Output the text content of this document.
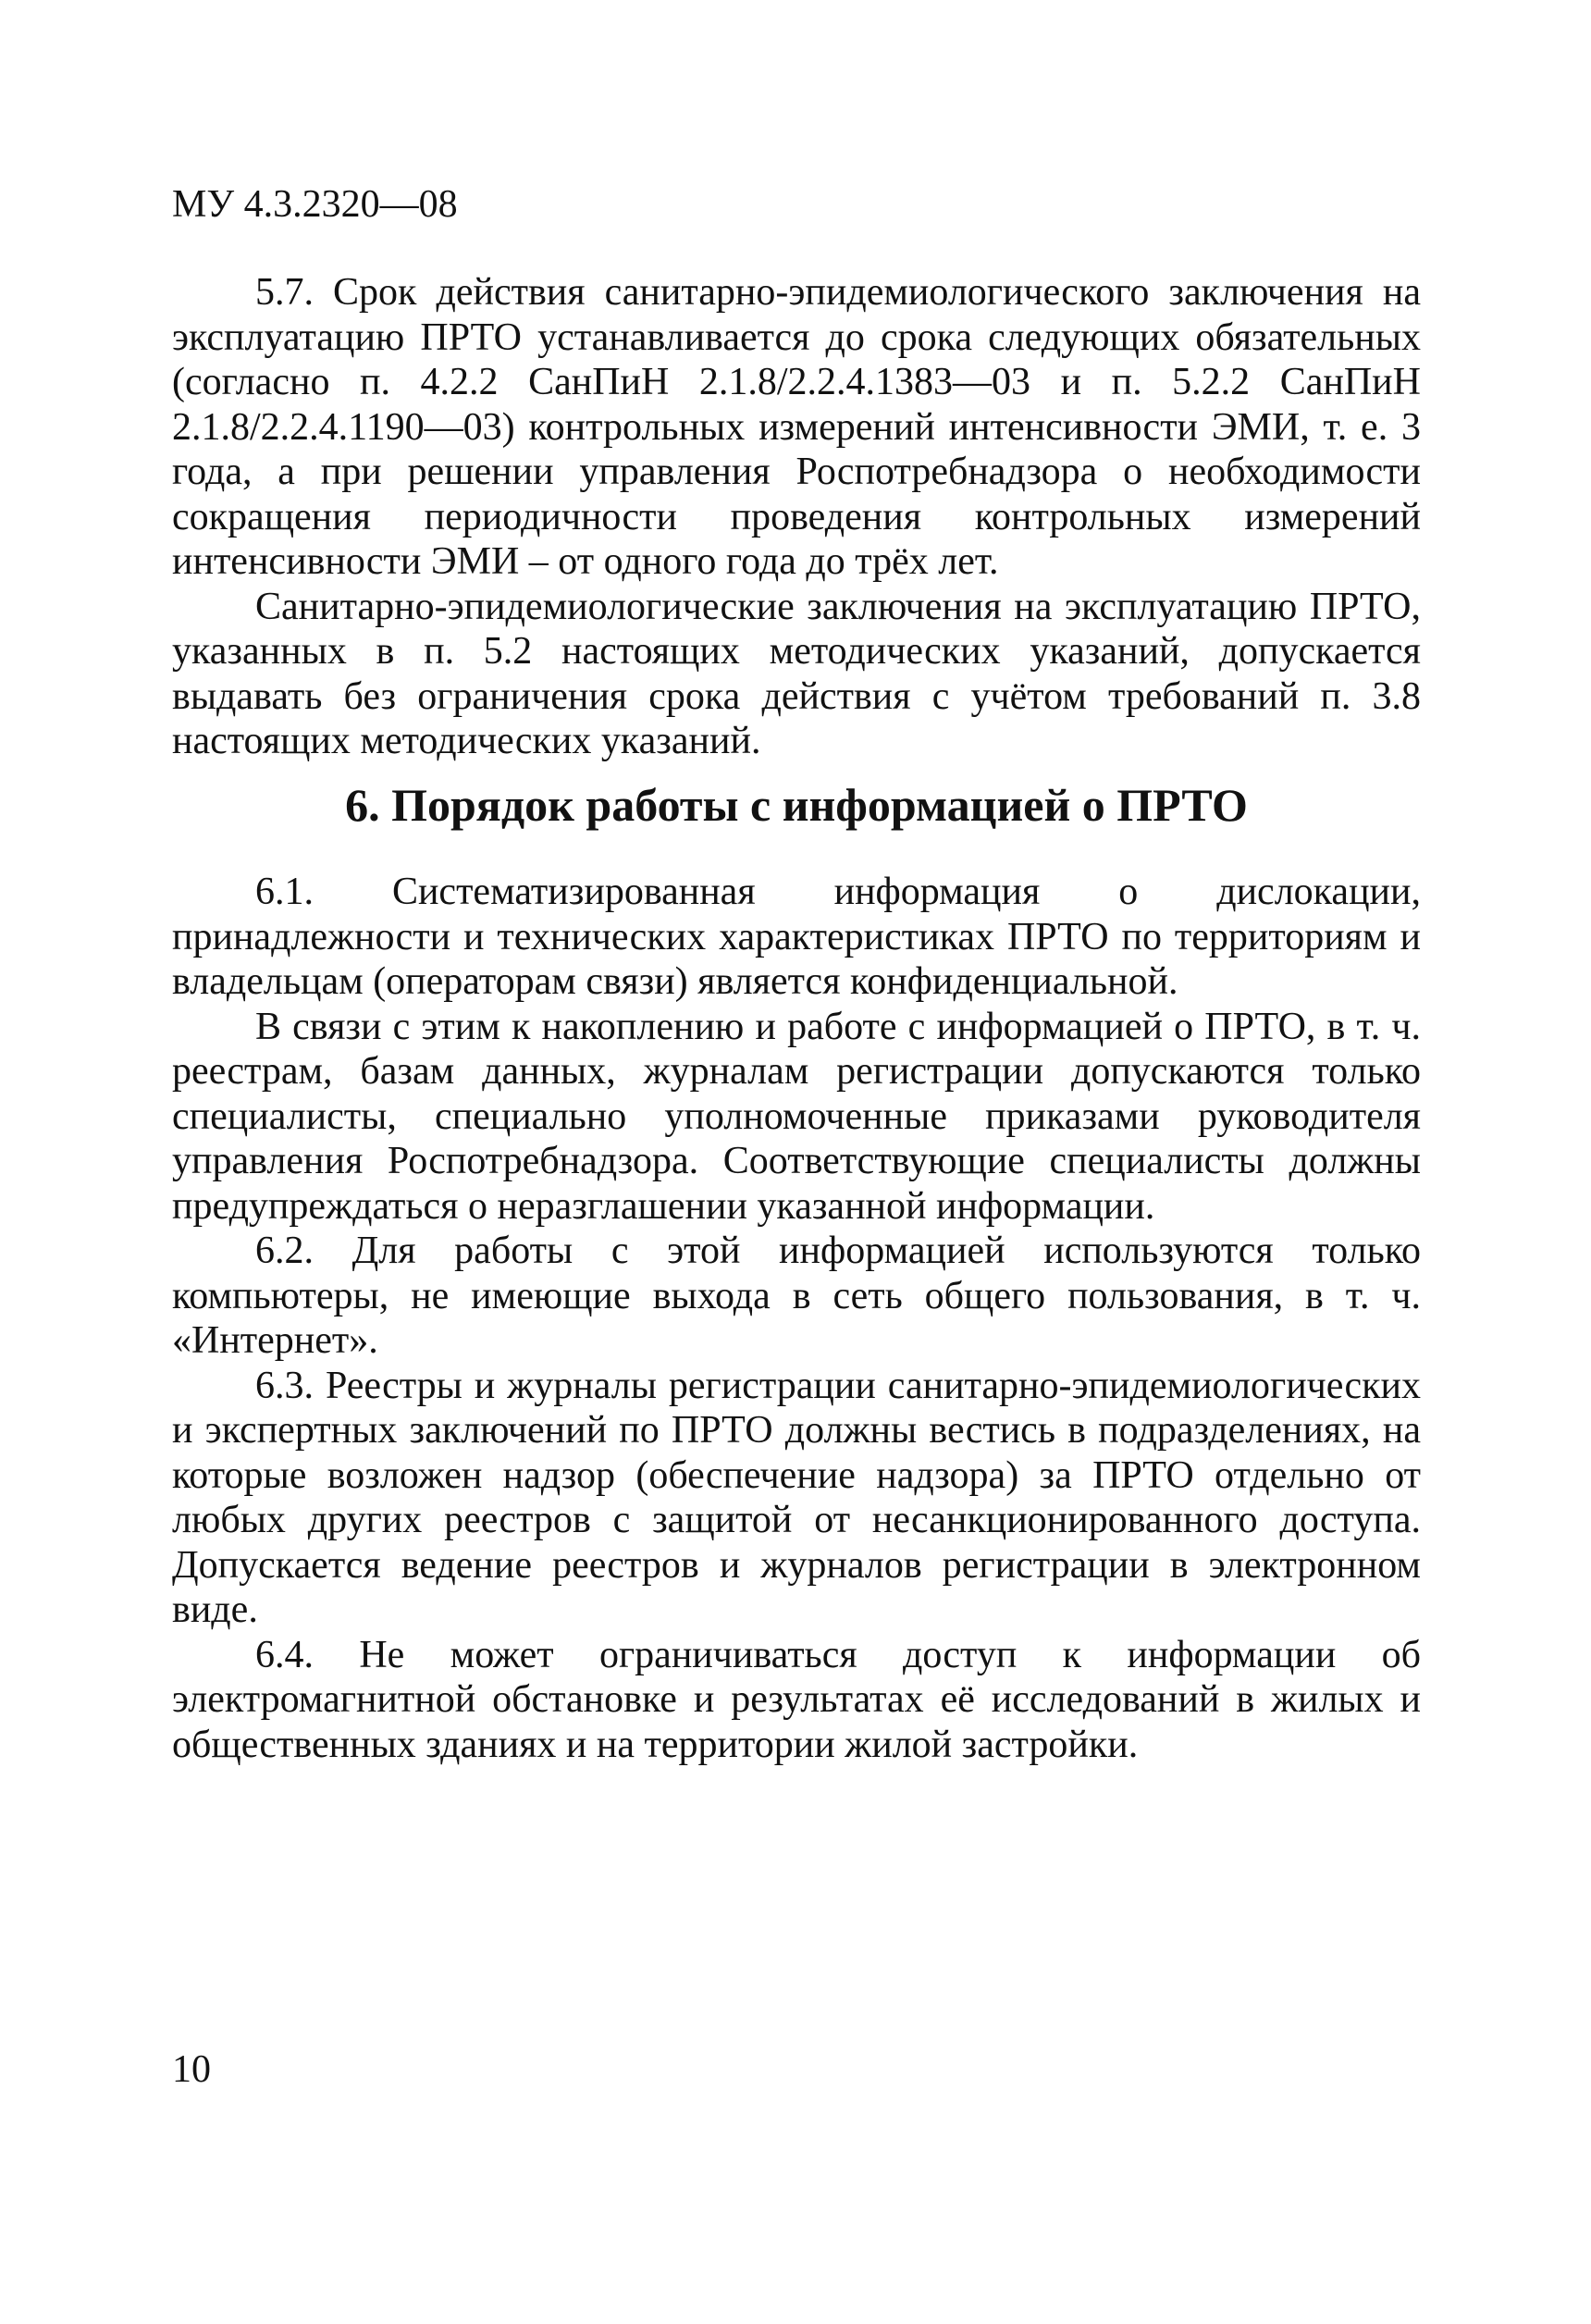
МУ 4.3.2320—08

5.7. Срок действия санитарно-эпидемиологического заключения на эксплуатацию ПРТО устанавливается до срока следующих обязательных (согласно п. 4.2.2 СанПиН 2.1.8/2.2.4.1383—03 и п. 5.2.2 СанПиН 2.1.8/2.2.4.1190—03) контрольных измерений интенсивности ЭМИ, т. е. 3 года, а при решении управления Роспотребнадзора о необходимости сокращения периодичности проведения контрольных измерений интенсивности ЭМИ – от одного года до трёх лет.

Санитарно-эпидемиологические заключения на эксплуатацию ПРТО, указанных в п. 5.2 настоящих методических указаний, допускается выдавать без ограничения срока действия с учётом требований п. 3.8 настоящих методических указаний.

6. Порядок работы с информацией о ПРТО

6.1. Систематизированная информация о дислокации, принадлежности и технических характеристиках ПРТО по территориям и владельцам (операторам связи) является конфиденциальной.

В связи с этим к накоплению и работе с информацией о ПРТО, в т. ч. реестрам, базам данных, журналам регистрации допускаются только специалисты, специально уполномоченные приказами руководителя управления Роспотребнадзора. Соответствующие специалисты должны предупреждаться о неразглашении указанной информации.

6.2. Для работы с этой информацией используются только компьютеры, не имеющие выхода в сеть общего пользования, в т. ч. «Интернет».

6.3. Реестры и журналы регистрации санитарно-эпидемиологических и экспертных заключений по ПРТО должны вестись в подразделениях, на которые возложен надзор (обеспечение надзора) за ПРТО отдельно от любых других реестров с защитой от несанкционированного доступа. Допускается ведение реестров и журналов регистрации в электронном виде.

6.4. Не может ограничиваться доступ к информации об электромагнитной обстановке и результатах её исследований в жилых и общественных зданиях и на территории жилой застройки.

10
